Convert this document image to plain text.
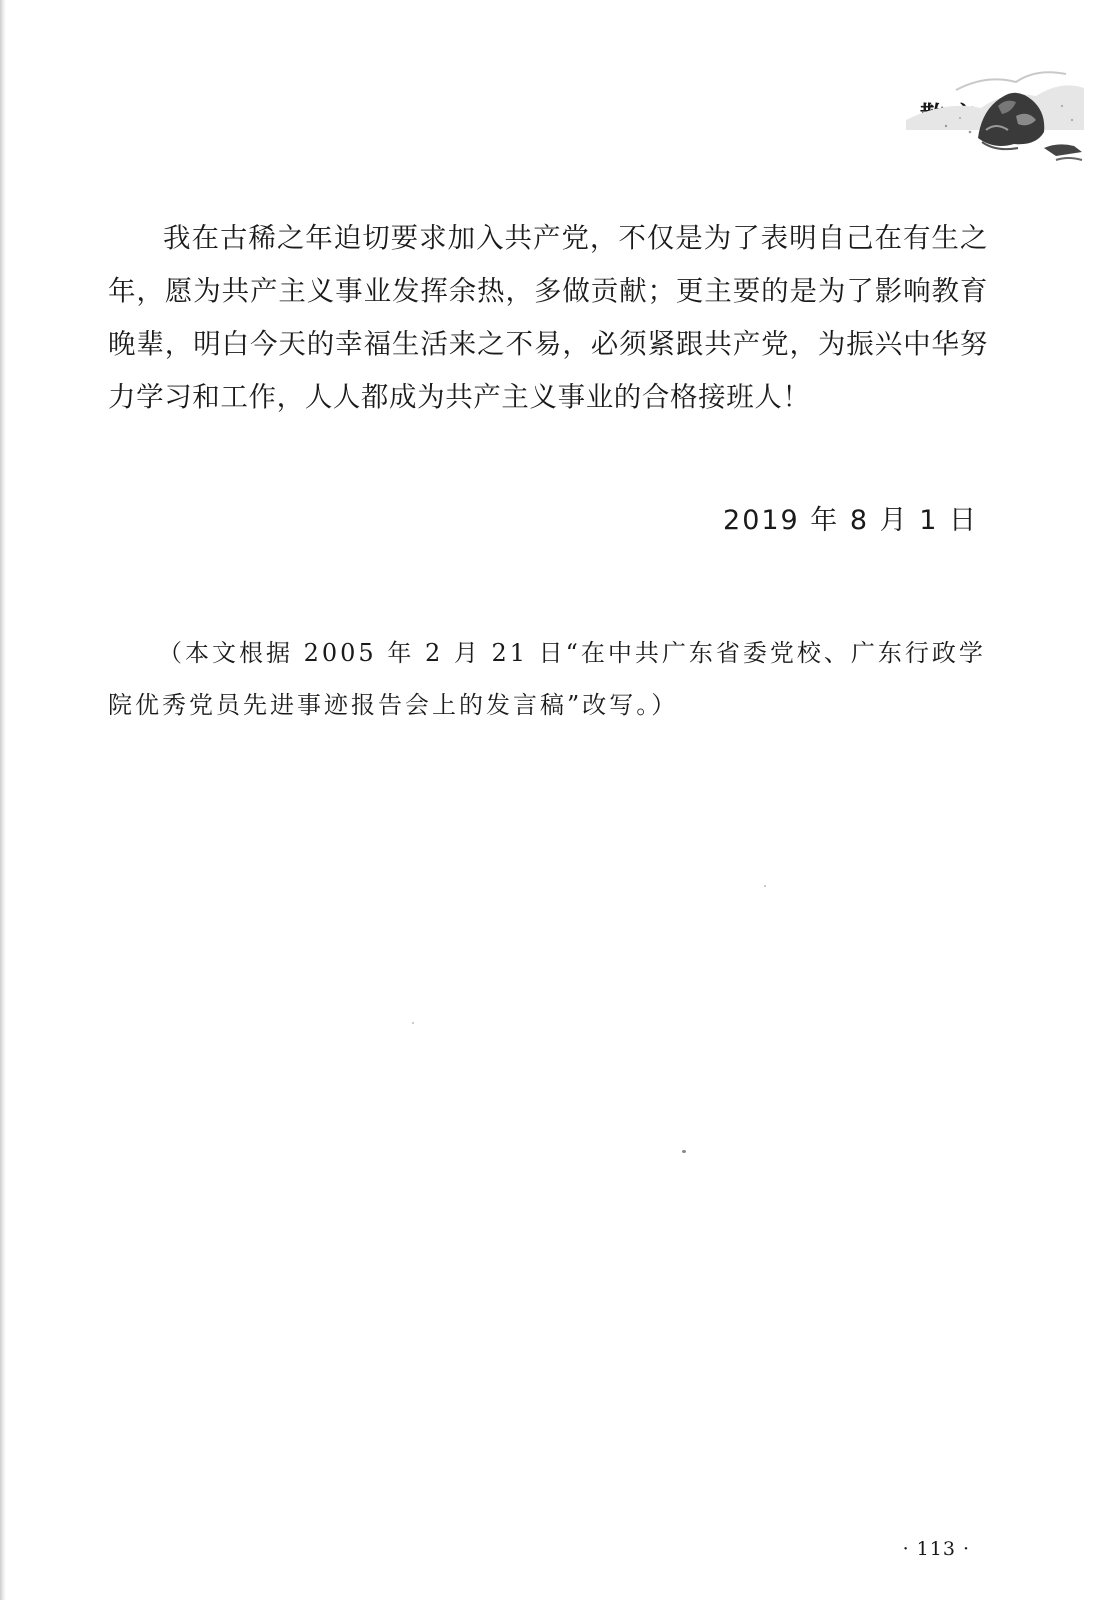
我在古稀之年迫切要求加入共产党，不仅是为了表明自己在有生之年，愿为共产主义事业发挥余热，多做贡献；更主要的是为了影响教育晚辈，明白今天的幸福生活来之不易，必须紧跟共产党，为振兴中华努力学习和工作，人人都成为共产主义事业的合格接班人！

2019 年 8 月 1 日

（本文根据 2005 年 2 月 21 日“在中共广东省委党校、广东行政学院优秀党员先进事迹报告会上的发言稿”改写。）

· 113 ·
